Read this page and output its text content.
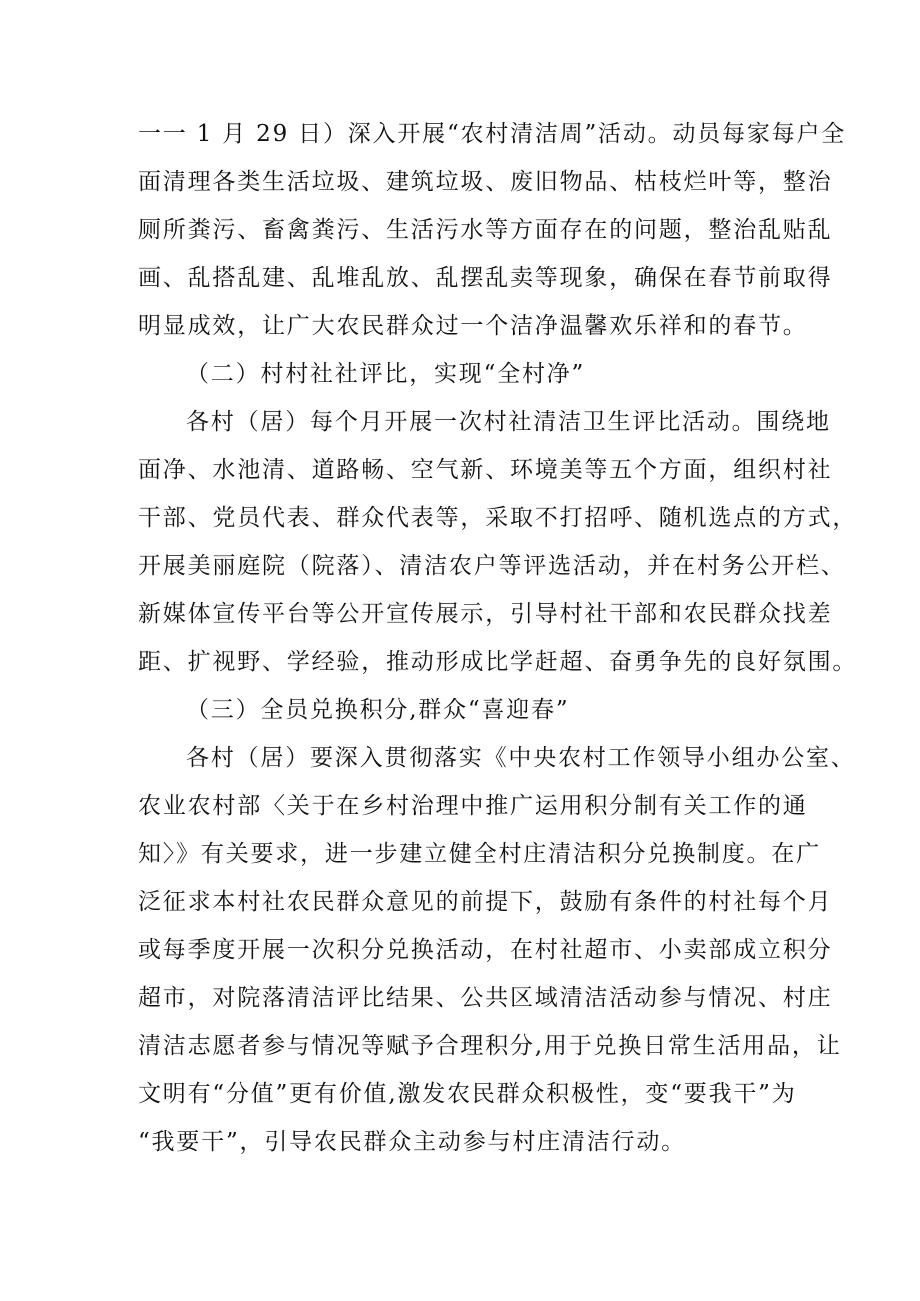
一一 1 月 29 日）深入开展“农村清洁周”活动。动员每家每户全
面清理各类生活垃圾、建筑垃圾、废旧物品、枯枝烂叶等，整治
厕所粪污、畜禽粪污、生活污水等方面存在的问题，整治乱贴乱
画、乱搭乱建、乱堆乱放、乱摆乱卖等现象，确保在春节前取得
明显成效，让广大农民群众过一个洁净温馨欢乐祥和的春节。
（二）村村社社评比，实现“全村净”
各村（居）每个月开展一次村社清洁卫生评比活动。围绕地
面净、水池清、道路畅、空气新、环境美等五个方面，组织村社
干部、党员代表、群众代表等，采取不打招呼、随机选点的方式，
开展美丽庭院（院落）、清洁农户等评选活动，并在村务公开栏、
新媒体宣传平台等公开宣传展示，引导村社干部和农民群众找差
距、扩视野、学经验，推动形成比学赶超、奋勇争先的良好氛围。
（三）全员兑换积分,群众“喜迎春”
各村（居）要深入贯彻落实《中央农村工作领导小组办公室、
农业农村部〈关于在乡村治理中推广运用积分制有关工作的通
知〉》有关要求，进一步建立健全村庄清洁积分兑换制度。在广
泛征求本村社农民群众意见的前提下，鼓励有条件的村社每个月
或每季度开展一次积分兑换活动，在村社超市、小卖部成立积分
超市，对院落清洁评比结果、公共区域清洁活动参与情况、村庄
清洁志愿者参与情况等赋予合理积分,用于兑换日常生活用品，让
文明有“分值”更有价值,激发农民群众积极性，变“要我干”为
“我要干”，引导农民群众主动参与村庄清洁行动。
